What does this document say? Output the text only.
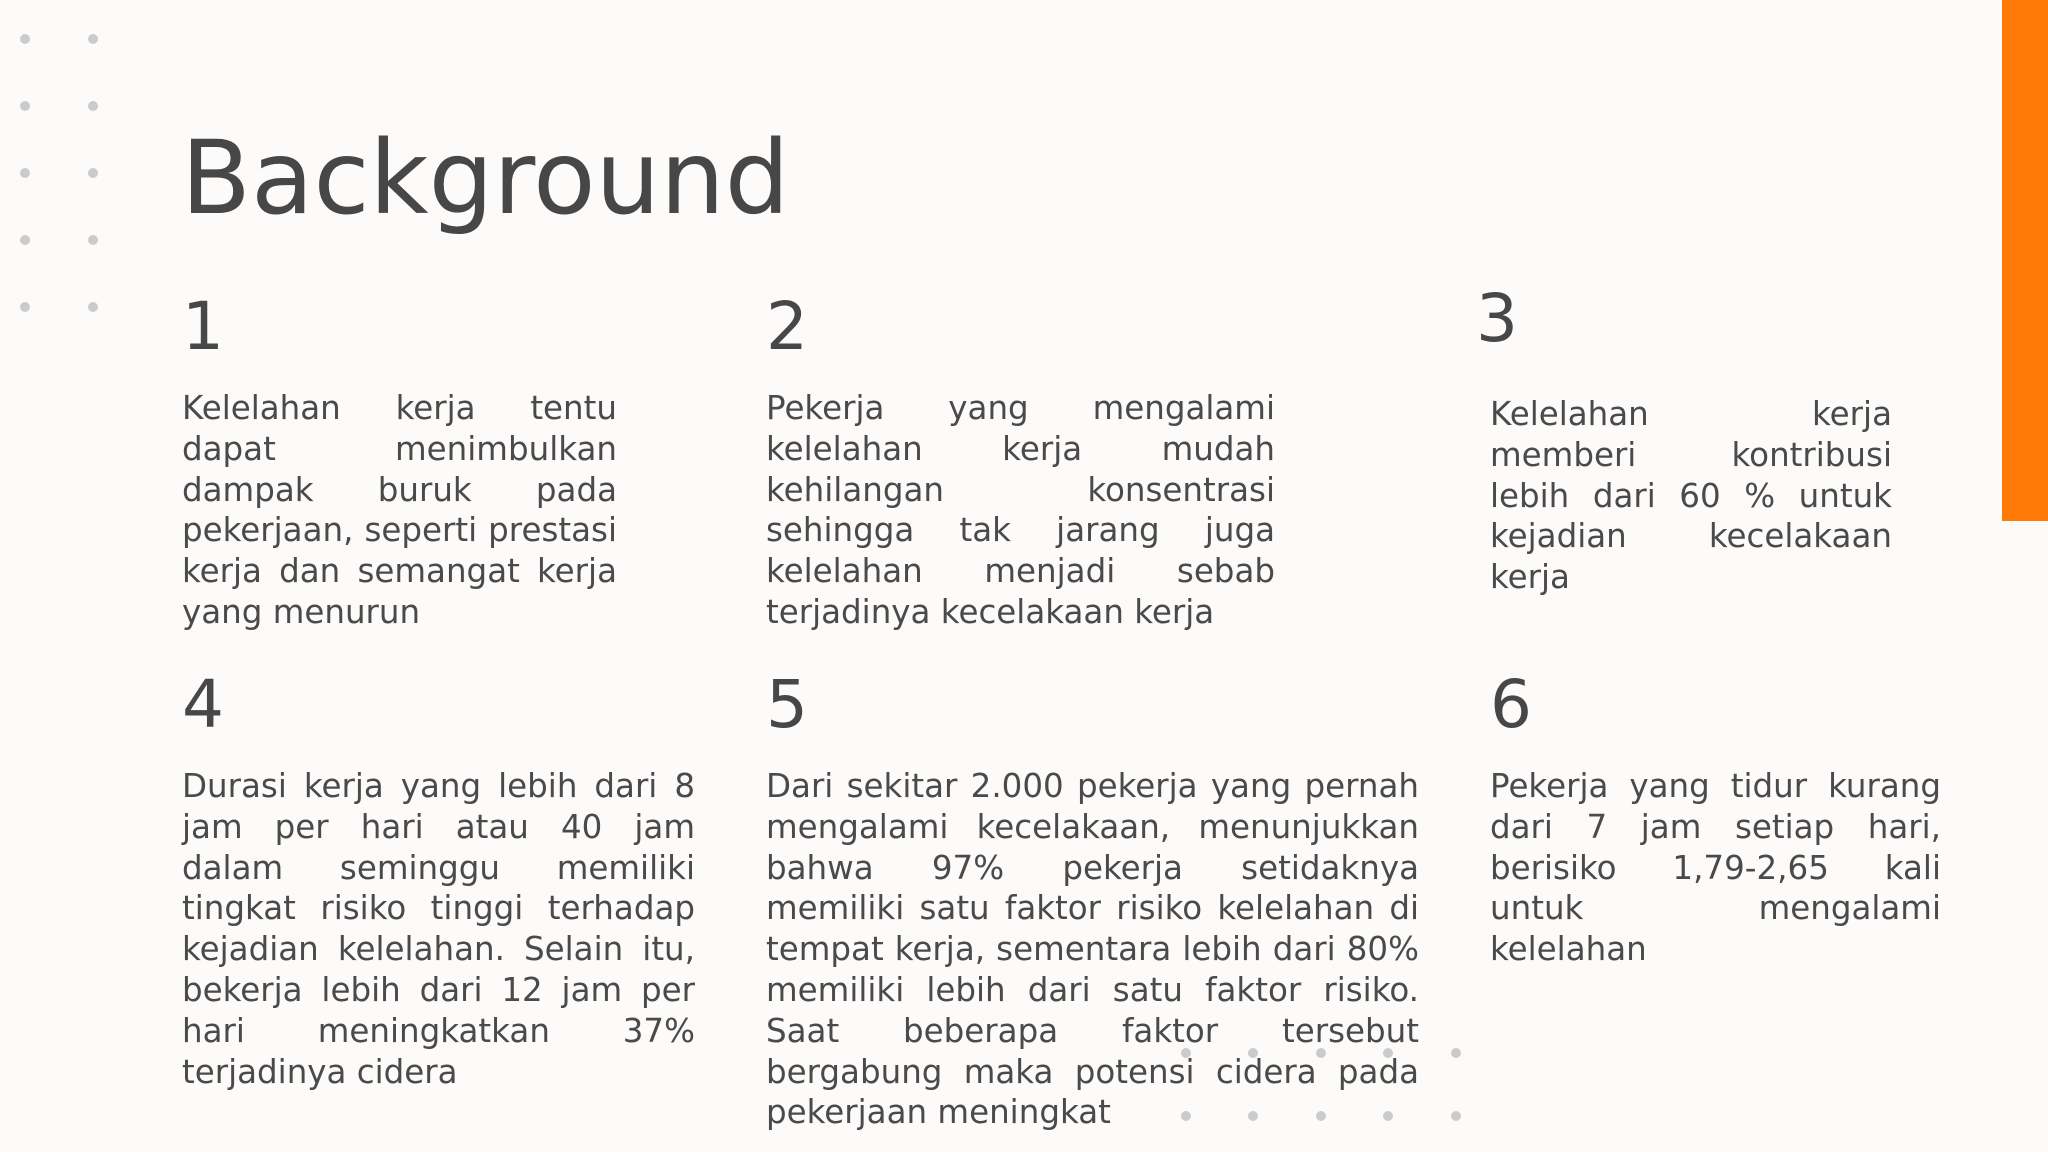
Background
1

Kelelahan kerja tentu dapat menimbulkan dampak buruk pada pekerjaan, seperti prestasi kerja dan semangat kerja yang menurun

2

Pekerja yang mengalami kelelahan kerja mudah kehilangan konsentrasi sehingga tak jarang juga kelelahan menjadi sebab terjadinya kecelakaan kerja

3

Kelelahan kerja memberi kontribusi lebih dari 60 % untuk kejadian kecelakaan kerja

4

Durasi kerja yang lebih dari 8 jam per hari atau 40 jam dalam seminggu memiliki tingkat risiko tinggi terhadap kejadian kelelahan. Selain itu, bekerja lebih dari 12 jam per hari meningkatkan 37% terjadinya cidera

5

Dari sekitar 2.000 pekerja yang pernah mengalami kecelakaan, menunjukkan bahwa 97% pekerja setidaknya memiliki satu faktor risiko kelelahan di tempat kerja, sementara lebih dari 80% memiliki lebih dari satu faktor risiko. Saat beberapa faktor tersebut bergabung maka potensi cidera pada pekerjaan meningkat

6

Pekerja yang tidur kurang dari 7 jam setiap hari, berisiko 1,79-2,65 kali untuk mengalami kelelahan
